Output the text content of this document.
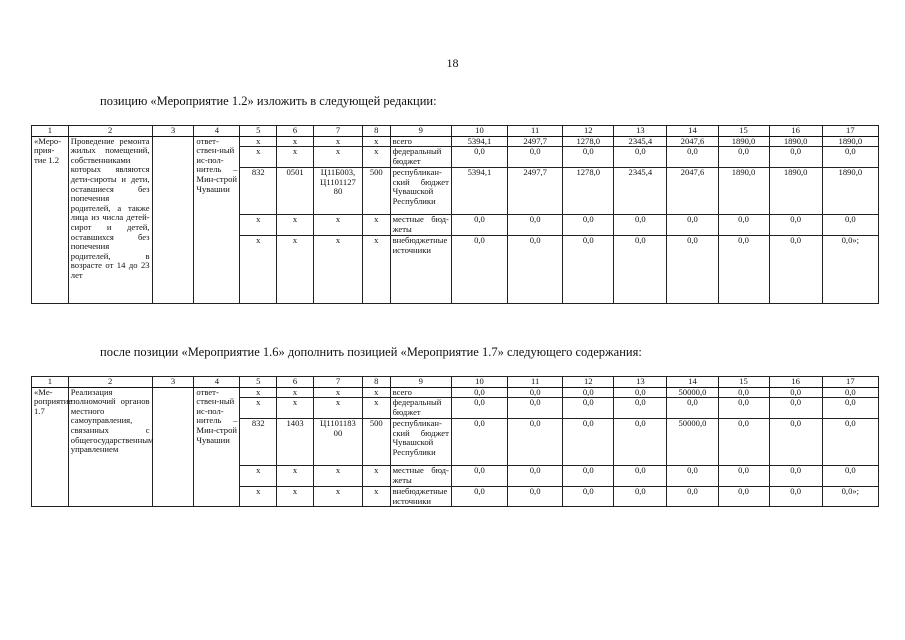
18
позицию «Мероприятие 1.2» изложить в следующей редакции:
после позиции «Мероприятие 1.6» дополнить позицией «Мероприятие 1.7» следующего содержания:
1	2	3	4	5	6	7	8	9	10	11	12	13	14	15	16	17
«Меро-прия-тие 1.2	Проведение ремонта жилых помещений, собственниками которых являются дети-сироты и дети, оставшиеся без попечения родителей, а также лица из числа детей-сирот и детей, оставшихся без попечения родителей, в возрасте от 14 до 23 лет		ответ-ствен-ный ис-пол-нитель – Мин-строй Чувашии	x	x	x	x	всего	5394,1	2497,7	1278,0	2345,4	2047,6	1890,0	1890,0	1890,0
				x	x	x	x	федеральный бюджет	0,0	0,0	0,0	0,0	0,0	0,0	0,0	0,0
				832	0501	Ц11Б003, Ц1101127 80	500	республикан-ский бюджет Чувашской Республики	5394,1	2497,7	1278,0	2345,4	2047,6	1890,0	1890,0	1890,0
				x	x	x	x	местные бюд-жеты	0,0	0,0	0,0	0,0	0,0	0,0	0,0	0,0
				x	x	x	x	внебюджетные источники	0,0	0,0	0,0	0,0	0,0	0,0	0,0	0,0»;
1	2	3	4	5	6	7	8	9	10	11	12	13	14	15	16	17
«Ме-роприятие 1.7	Реализация полномочий органов местного самоуправления, связанных с общегосударственным управлением		ответ-ствен-ный ис-пол-нитель – Мин-строй Чувашии	x	x	x	x	всего	0,0	0,0	0,0	0,0	50000,0	0,0	0,0	0,0
				x	x	x	x	федеральный бюджет	0,0	0,0	0,0	0,0	0,0	0,0	0,0	0,0
				832	1403	Ц1101183 00	500	республикан-ский бюджет Чувашской Республики	0,0	0,0	0,0	0,0	50000,0	0,0	0,0	0,0
				x	x	x	x	местные бюд-жеты	0,0	0,0	0,0	0,0	0,0	0,0	0,0	0,0
				x	x	x	x	внебюджетные источники	0,0	0,0	0,0	0,0	0,0	0,0	0,0	0,0»;
